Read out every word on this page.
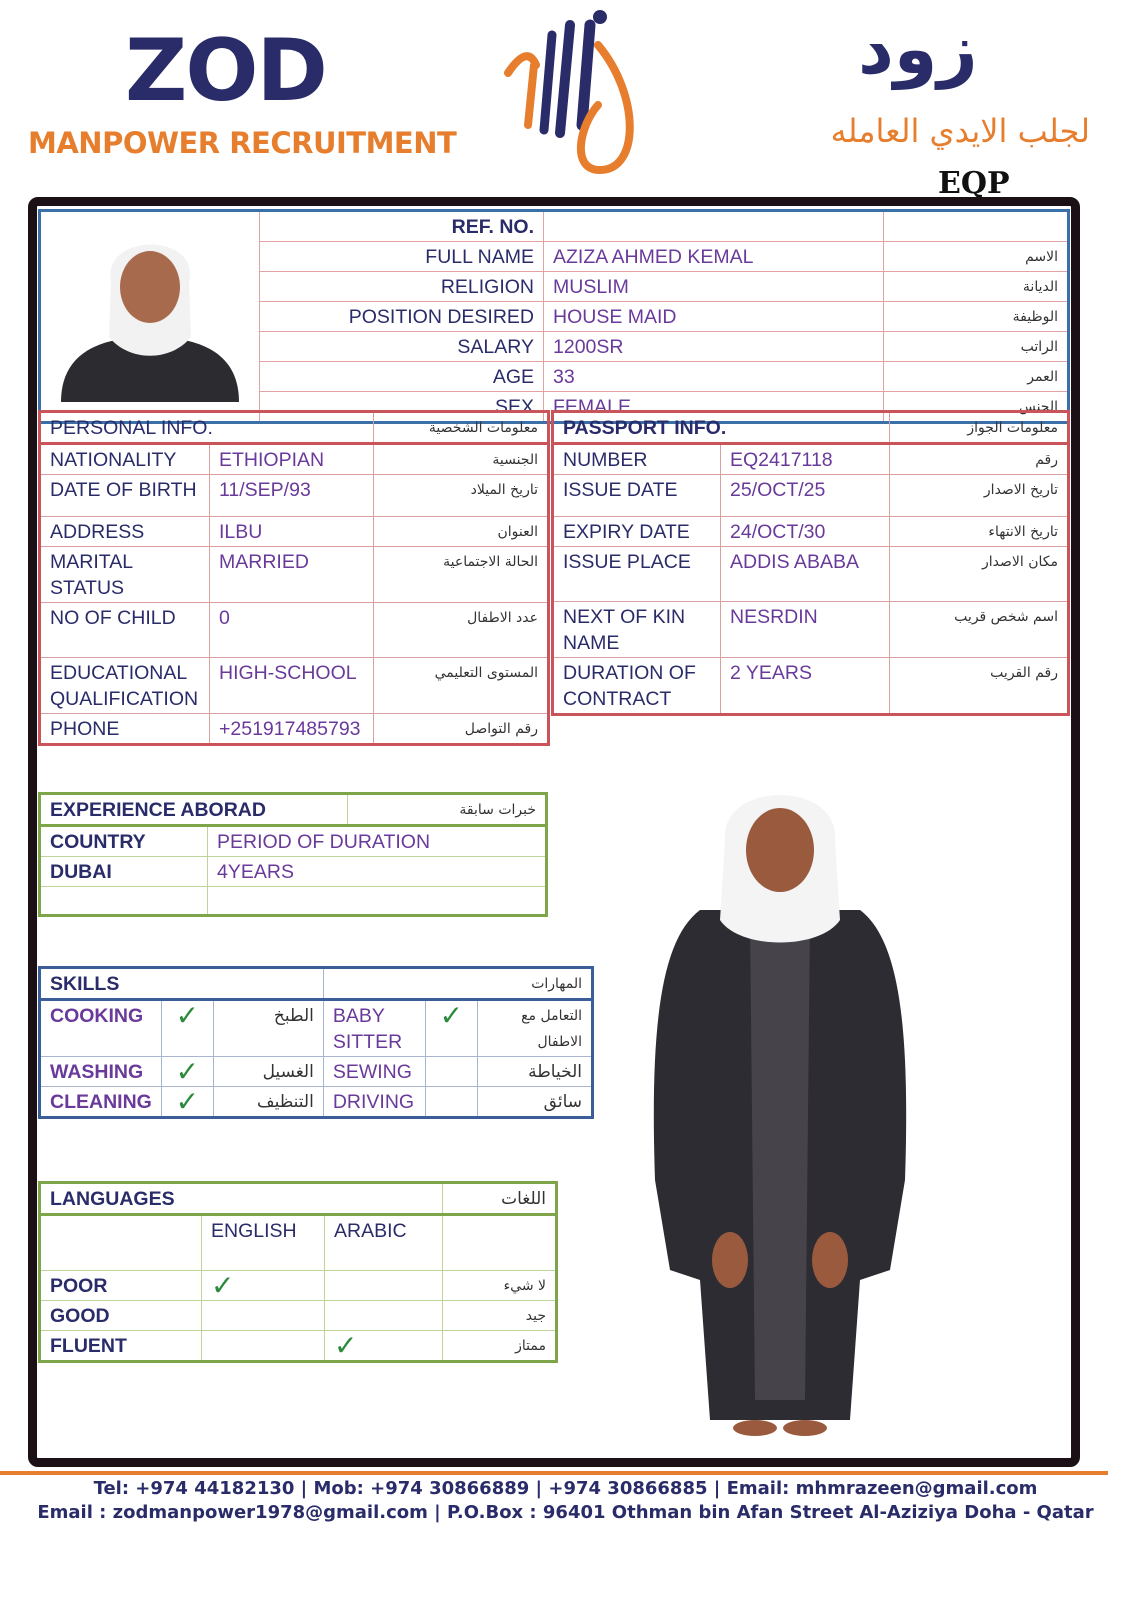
ZOD
MANPOWER RECRUITMENT
زود
لجلب الايدي العامله
EQP
	REF. NO.		
	FULL NAME	AZIZA AHMED KEMAL	الاسم
	RELIGION	MUSLIM	الديانة
	POSITION DESIRED	HOUSE MAID	الوظيفة
	SALARY	1200SR	الراتب
	AGE	33	العمر
	SEX	FEMALE	الجنس
PERSONAL INFO.		معلومات الشخصية
NATIONALITY	ETHIOPIAN	الجنسية
DATE OF BIRTH	11/SEP/93	تاريخ الميلاد
ADDRESS	ILBU	العنوان
MARITAL STATUS	MARRIED	الحالة الاجتماعية
NO OF CHILD	0	عدد الاطفال
EDUCATIONAL QUALIFICATION	HIGH-SCHOOL	المستوى التعليمي
PHONE	+251917485793	رقم التواصل
PASSPORT INFO.		معلومات الجواز
NUMBER	EQ2417118	رقم
ISSUE DATE	25/OCT/25	تاريخ الاصدار
EXPIRY DATE	24/OCT/30	تاريخ الانتهاء
ISSUE PLACE	ADDIS ABABA	مكان الاصدار
NEXT OF KIN NAME	NESRDIN	اسم شخص قريب
DURATION OF CONTRACT	2 YEARS	رقم القريب
EXPERIENCE ABORAD		خبرات سابقة
COUNTRY	PERIOD OF DURATION	
DUBAI	4YEARS	

SKILLS			المهارات		
COOKING	✓	الطبخ	BABY SITTER	✓	التعامل مع الاطفال
WASHING	✓	الغسيل	SEWING		الخياطة
CLEANING	✓	التنظيف	DRIVING		سائق
LANGUAGES			اللغات
	ENGLISH	ARABIC	
POOR	✓		لا شيء
GOOD			جيد
FLUENT		✓	ممتاز
Tel: +974 44182130 | Mob: +974 30866889 | +974 30866885 | Email: mhmrazeen@gmail.com
Email : zodmanpower1978@gmail.com | P.O.Box : 96401 Othman bin Afan Street Al-Aziziya Doha - Qatar
